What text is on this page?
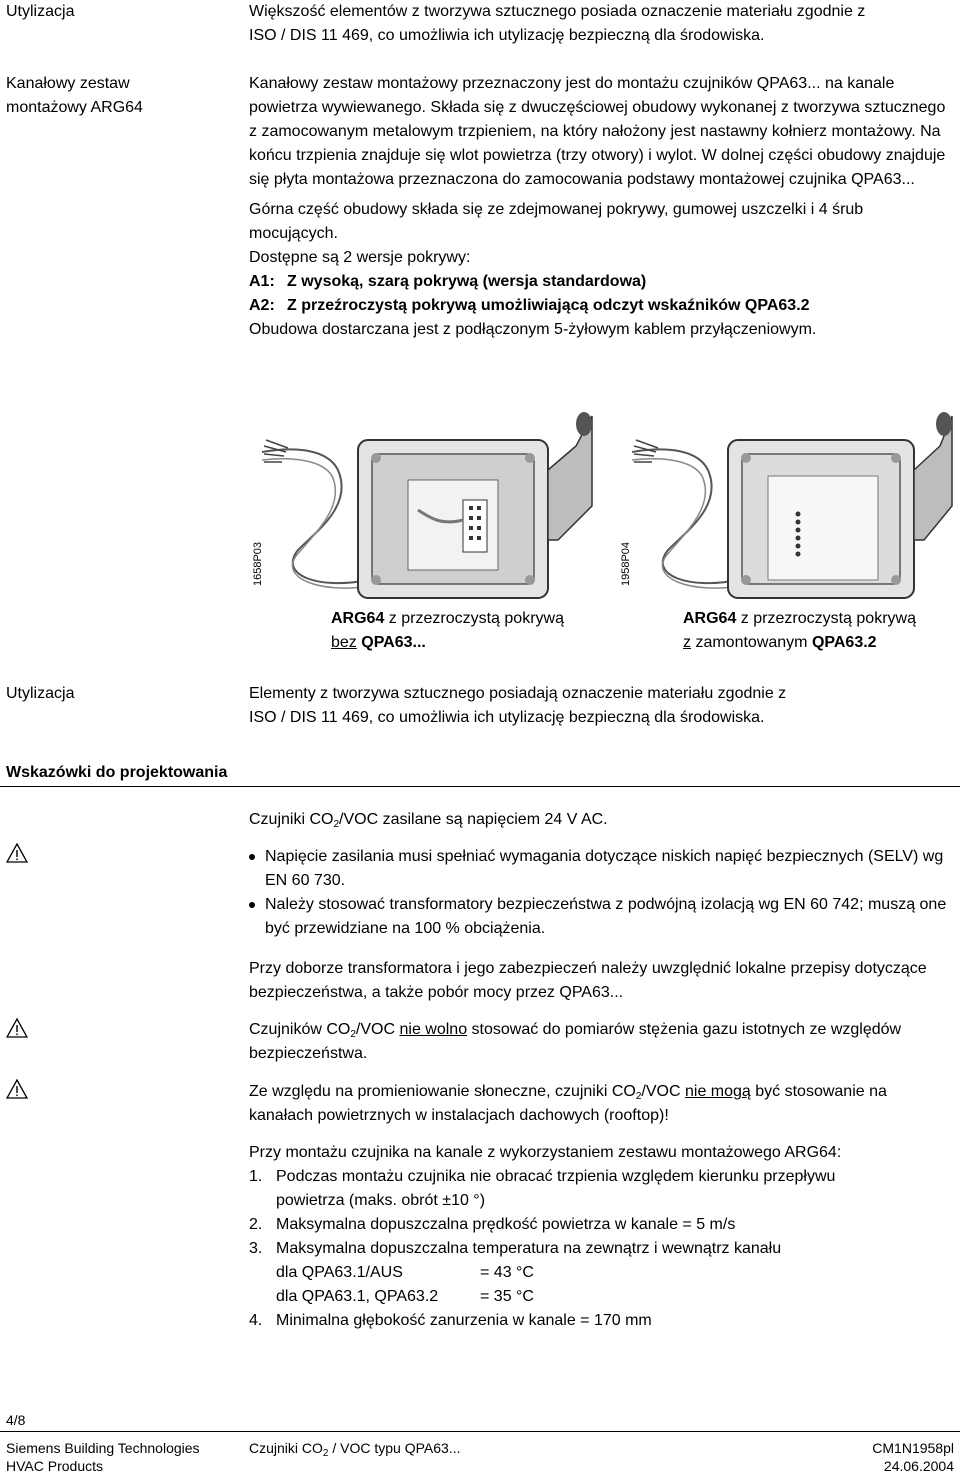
Utylizacja	Większość elementów z tworzywa sztucznego posiada oznaczenie materiału zgodnie z

ISO / DIS 11 469, co umożliwia ich utylizację bezpieczną dla środowiska.

Kanałowy zestaw
montażowy ARG64

Kanałowy zestaw montażowy przeznaczony jest do montażu czujników QPA63... na kanale powietrza wywiewanego. Składa się z dwuczęściowej obudowy wykonanej z tworzywa sztucznego z zamocowanym metalowym trzpieniem, na który nałożony jest nastawny kołnierz montażowy. Na końcu trzpienia znajduje się wlot powietrza (trzy otwory) i wylot. W dolnej części obudowy znajduje się płyta montażowa przeznaczona do zamocowania podstawy montażowej czujnika QPA63...

Górna część obudowy składa się ze zdejmowanej pokrywy, gumowej uszczelki i 4 śrub mocujących.

Dostępne są 2 wersje pokrywy:

A1: Z wysoką, szarą pokrywą (wersja standardowa)

A2: Z przeźroczystą pokrywą umożliwiającą odczyt wskaźników QPA63.2

Obudowa dostarczana jest z podłączonym 5-żyłowym kablem przyłączeniowym.

1658P03	1958P04
ARG64 z przezroczystą pokrywą
bez QPA63...
ARG64 z przezroczystą pokrywą
z zamontowanym QPA63.2
Utylizacja	Elementy z tworzywa sztucznego posiadają oznaczenie materiału zgodnie z

ISO / DIS 11 469, co umożliwia ich utylizację bezpieczną dla środowiska.

Wskazówki do projektowania

Czujniki $CO_2$/VOC zasilane są napięciem 24 V AC.

Napięcie zasilania musi spełniać wymagania dotyczące niskich napięć bezpiecznych (SELV) wg EN 60 730.
Należy stosować transformatory bezpieczeństwa z podwójną izolacją wg EN 60 742; muszą one być przewidziane na 100 % obciążenia.
Przy doborze transformatora i jego zabezpieczeń należy uwzględnić lokalne przepisy dotyczące bezpieczeństwa, a także pobór mocy przez QPA63...
Czujników $CO_2$/VOC nie wolno stosować do pomiarów stężenia gazu istotnych ze względów bezpieczeństwa.
Ze względu na promieniowanie słoneczne, czujniki $CO_2$/VOC nie mogą być stosowanie na kanałach powietrznych w instalacjach dachowych (rooftop)!

Przy montażu czujnika na kanale z wykorzystaniem zestawu montażowego ARG64:

1. Podczas montażu czujnika nie obracać trzpienia względem kierunku przepływu
powietrza (maks. obrót ±10 °)
2. Maksymalna dopuszczalna prędkość powietrza w kanale = 5 m/s
3. Maksymalna dopuszczalna temperatura na zewnątrz i wewnątrz kanału
dla QPA63.1/AUS	= 43 °C
dla QPA63.1, QPA63.2	= 35 °C
4. Minimalna głębokość zanurzenia w kanale = 170 mm
4/8
Siemens Building Technologies
HVAC Products
Czujniki $CO_2$ / VOC typu QPA63...	CM1N1958pl
24.06.2004
